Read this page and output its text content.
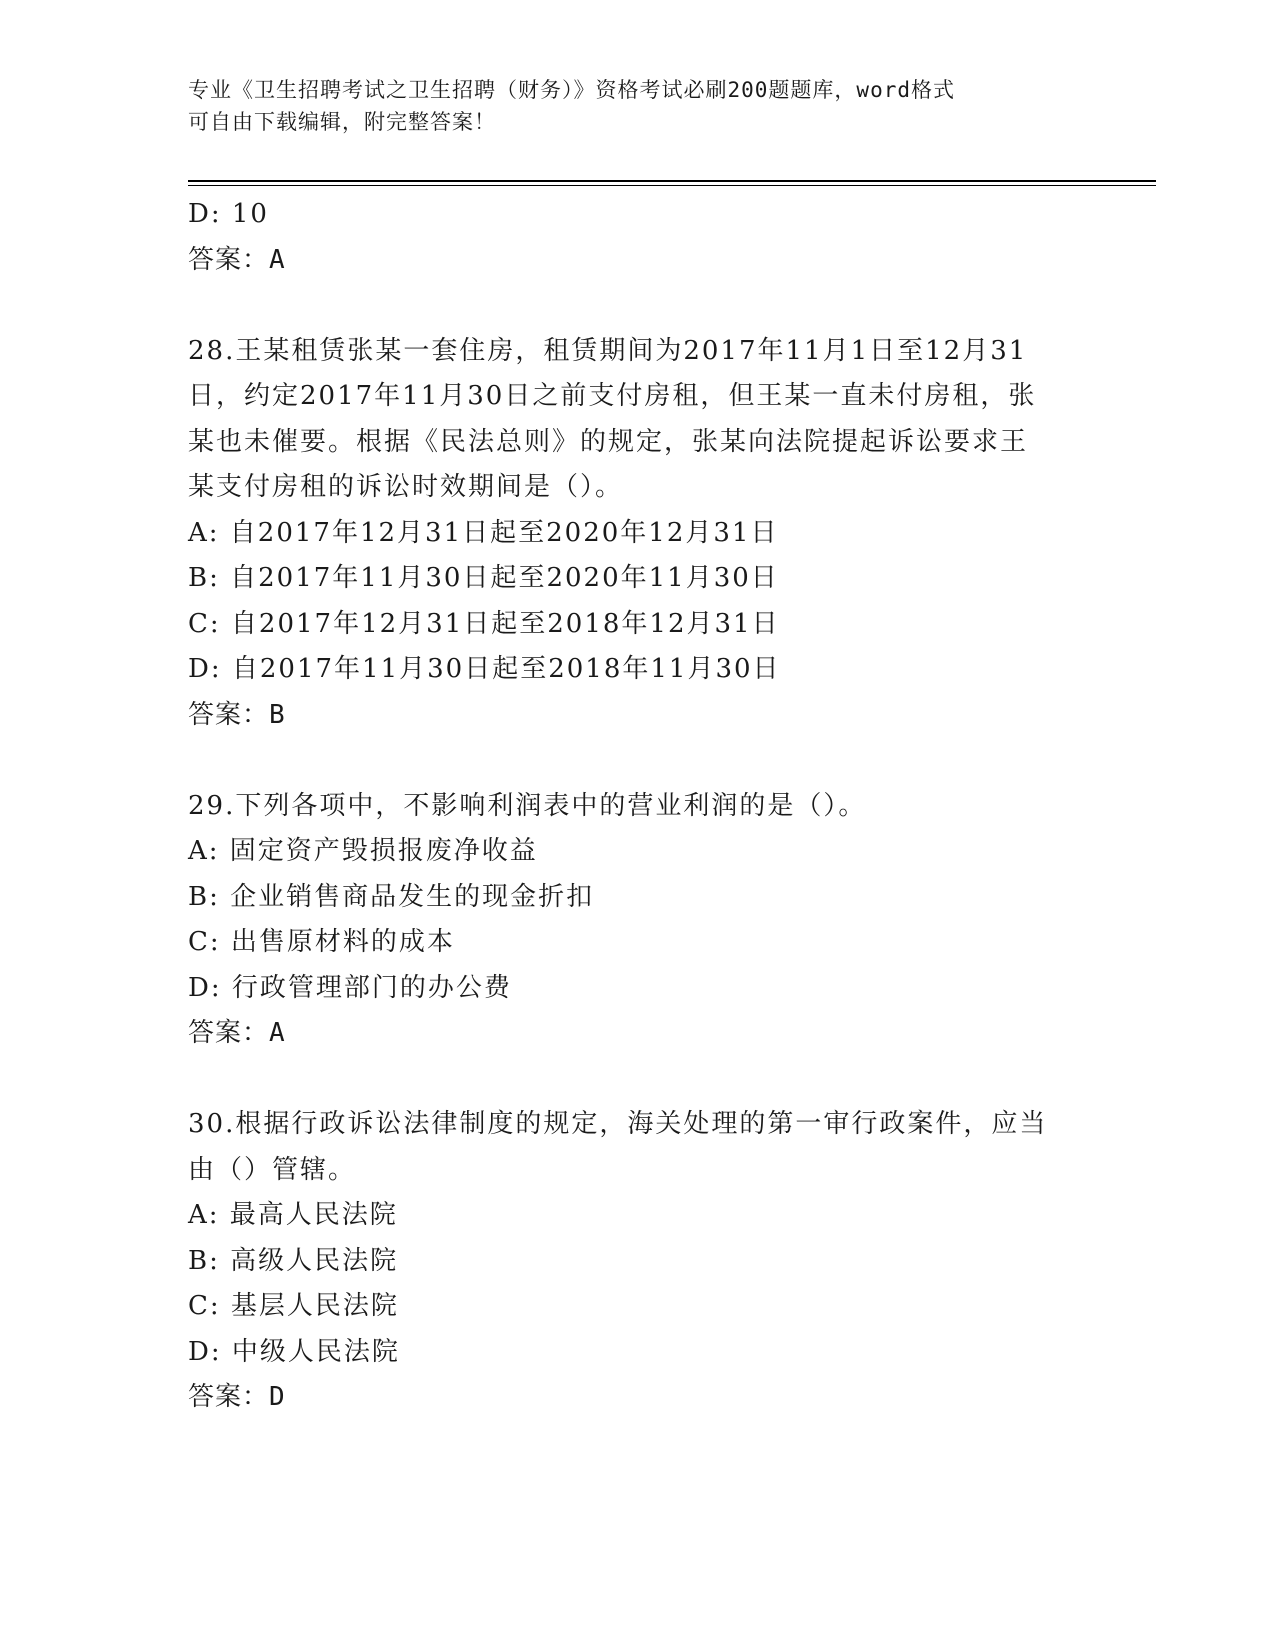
专业《卫生招聘考试之卫生招聘（财务）》资格考试必刷200题题库，word格式
可自由下载编辑，附完整答案！

D: 10

答案：A

28.王某租赁张某一套住房，租赁期间为2017年11月1日至12月31

日，约定2017年11月30日之前支付房租，但王某一直未付房租，张

某也未催要。根据《民法总则》的规定，张某向法院提起诉讼要求王

某支付房租的诉讼时效期间是（）。

A: 自2017年12月31日起至2020年12月31日

B: 自2017年11月30日起至2020年11月30日

C: 自2017年12月31日起至2018年12月31日

D: 自2017年11月30日起至2018年11月30日

答案：B

29.下列各项中，不影响利润表中的营业利润的是（）。

A: 固定资产毁损报废净收益

B: 企业销售商品发生的现金折扣

C: 出售原材料的成本

D: 行政管理部门的办公费

答案：A

30.根据行政诉讼法律制度的规定，海关处理的第一审行政案件，应当

由（）管辖。

A: 最高人民法院

B: 高级人民法院

C: 基层人民法院

D: 中级人民法院

答案：D
